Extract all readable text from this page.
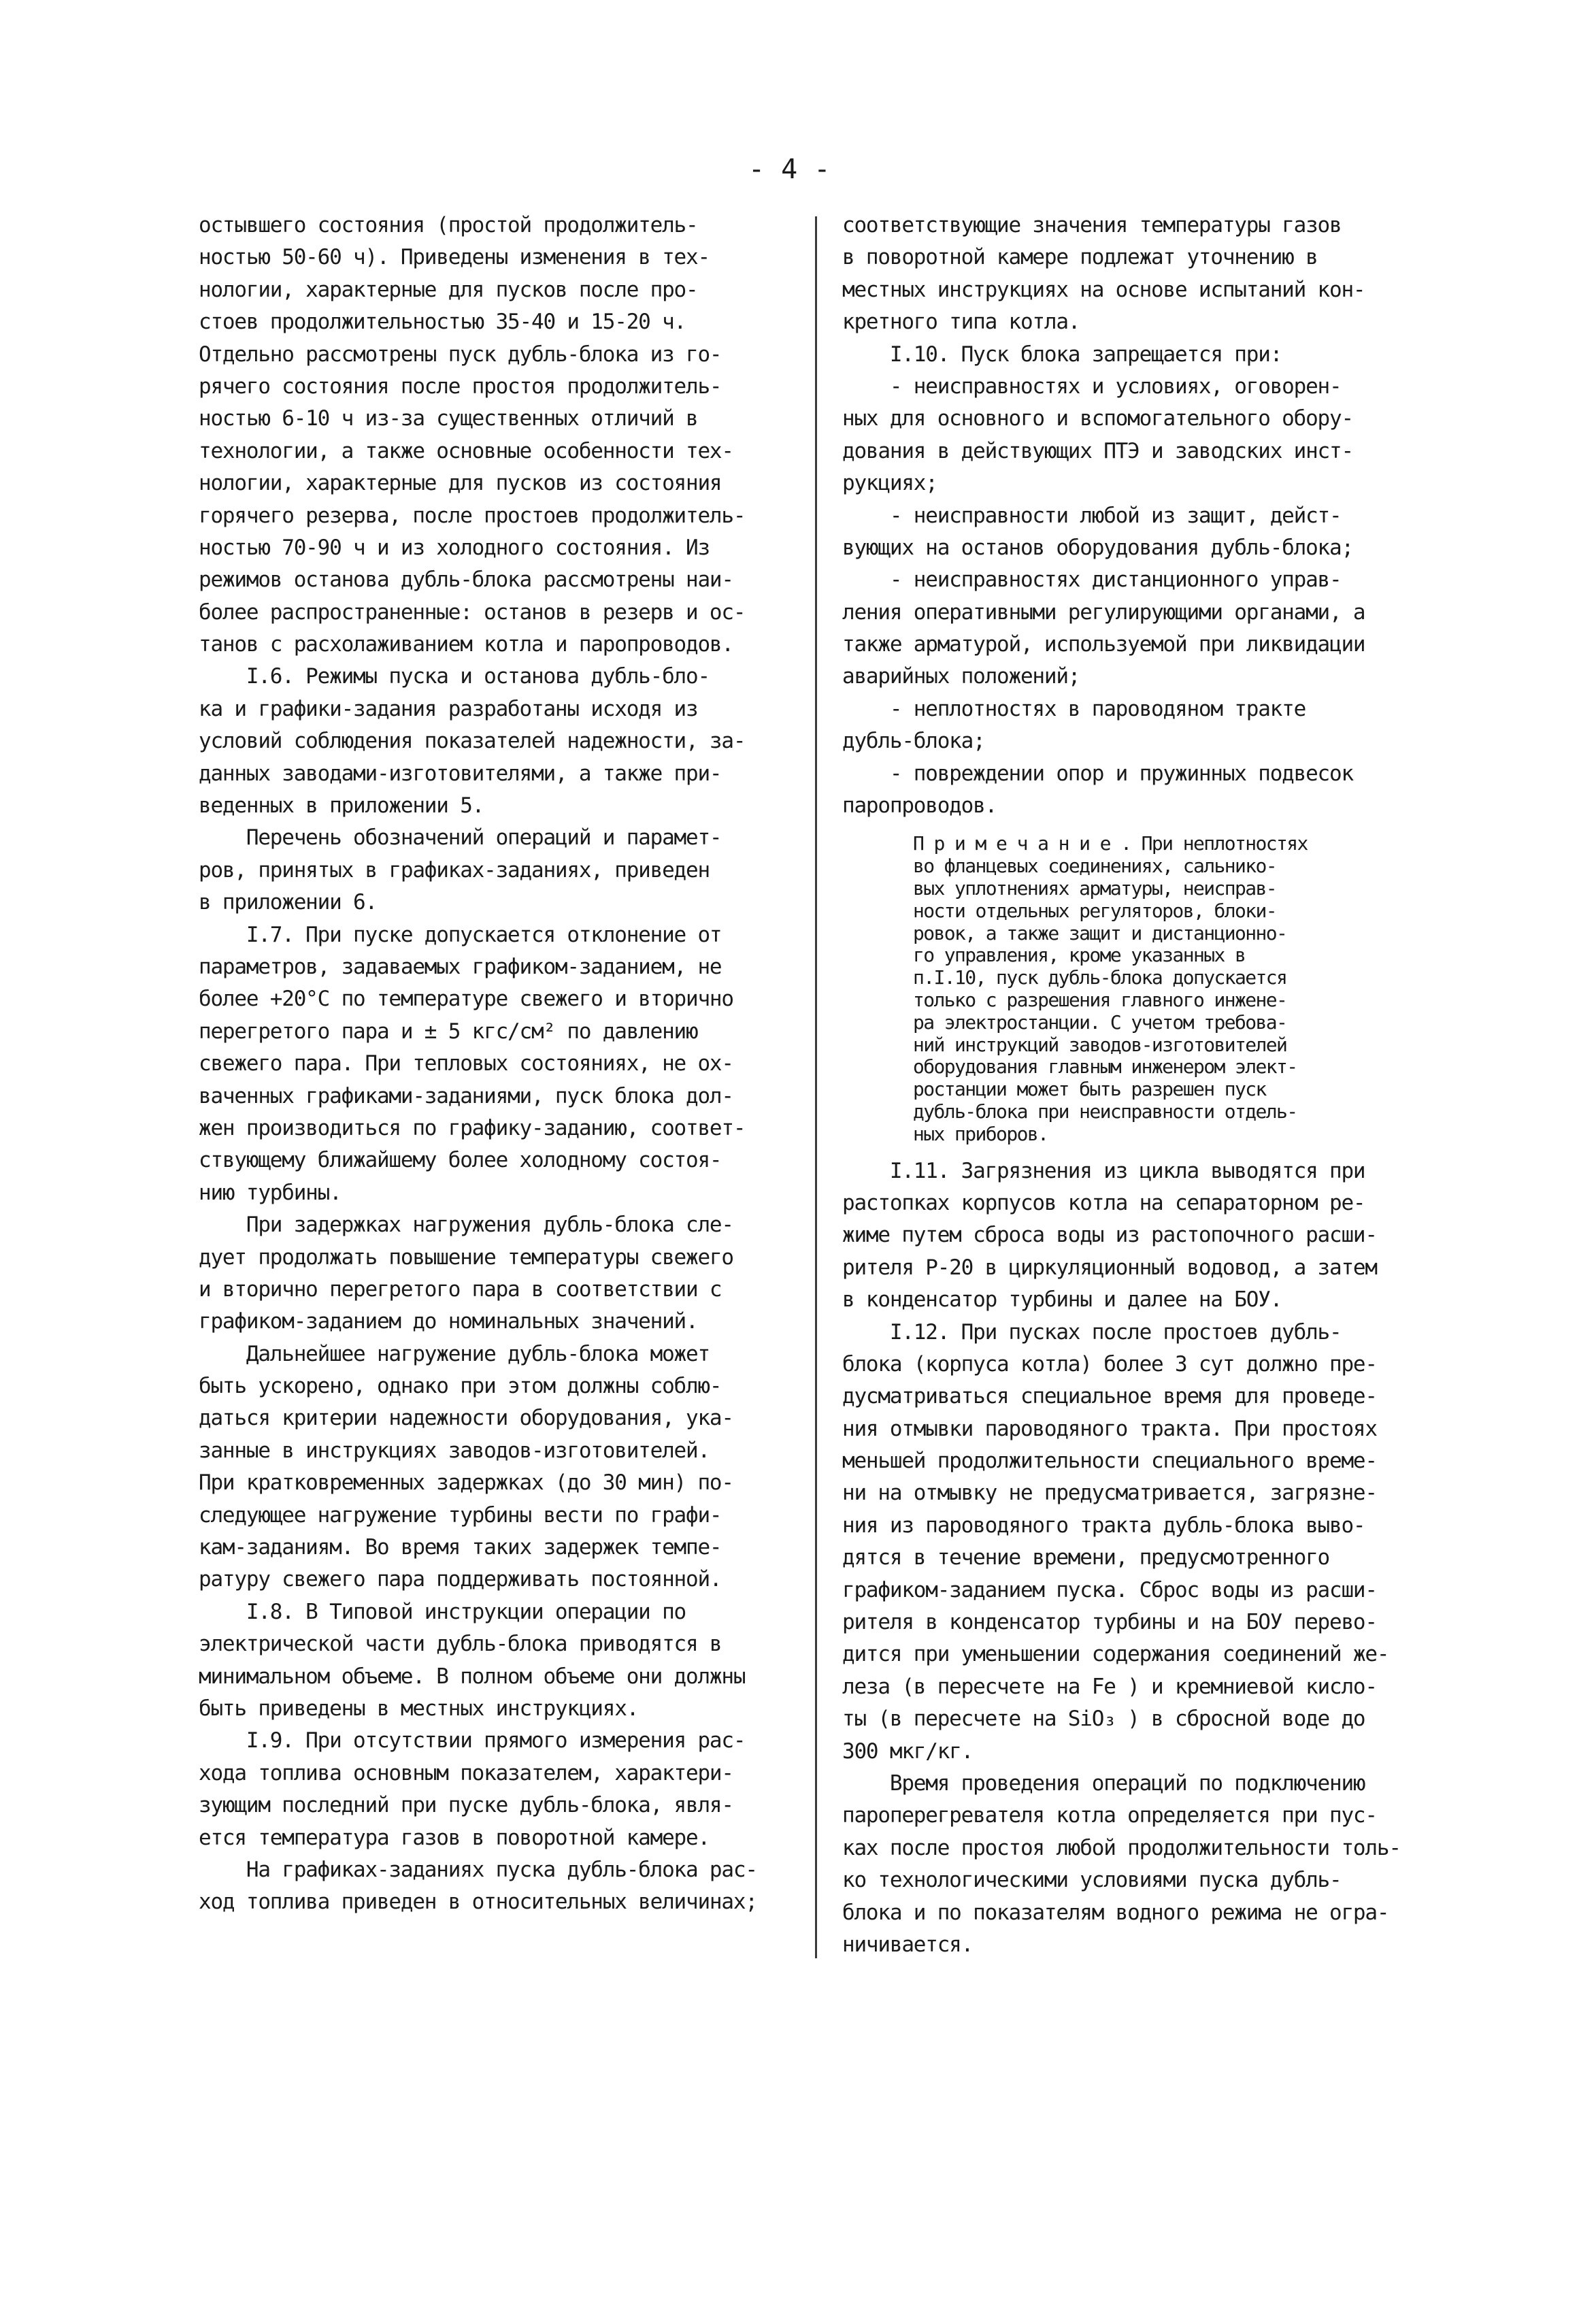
- 4 -
остывшего состояния (простой продолжитель-
ностью 50-60 ч). Приведены изменения в тех-
нологии, характерные для пусков после про-
стоев продолжительностью 35-40 и 15-20 ч.
Отдельно рассмотрены пуск дубль-блока из го-
рячего состояния после простоя продолжитель-
ностью 6-10 ч из-за существенных отличий в
технологии, а также основные особенности тех-
нологии, характерные для пусков из состояния
горячего резерва, после простоев продолжитель-
ностью 70-90 ч и из холодного состояния. Из
режимов останова дубль-блока рассмотрены наи-
более распространенные: останов в резерв и ос-
танов с расхолаживанием котла и паропроводов.
I.6. Режимы пуска и останова дубль-бло-
ка и графики-задания разработаны исходя из
условий соблюдения показателей надежности, за-
данных заводами-изготовителями, а также при-
веденных в приложении 5.
Перечень обозначений операций и парамет-
ров, принятых в графиках-заданиях, приведен
в приложении 6.
I.7. При пуске допускается отклонение от
параметров, задаваемых графиком-заданием, не
более +20°С по температуре свежего и вторично
перегретого пара и ± 5 кгс/см² по давлению
свежего пара. При тепловых состояниях, не ох-
ваченных графиками-заданиями, пуск блока дол-
жен производиться по графику-заданию, соответ-
ствующему ближайшему более холодному состоя-
нию турбины.
При задержках нагружения дубль-блока сле-
дует продолжать повышение температуры свежего
и вторично перегретого пара в соответствии с
графиком-заданием до номинальных значений.
Дальнейшее нагружение дубль-блока может
быть ускорено, однако при этом должны соблю-
даться критерии надежности оборудования, ука-
занные в инструкциях заводов-изготовителей.
При кратковременных задержках (до 30 мин) по-
следующее нагружение турбины вести по графи-
кам-заданиям. Во время таких задержек темпе-
ратуру свежего пара поддерживать постоянной.
I.8. В Типовой инструкции операции по
электрической части дубль-блока приводятся в
минимальном объеме. В полном объеме они должны
быть приведены в местных инструкциях.
I.9. При отсутствии прямого измерения рас-
хода топлива основным показателем, характери-
зующим последний при пуске дубль-блока, явля-
ется температура газов в поворотной камере.
На графиках-заданиях пуска дубль-блока рас-
ход топлива приведен в относительных величинах;
соответствующие значения температуры газов
в поворотной камере подлежат уточнению в
местных инструкциях на основе испытаний кон-
кретного типа котла.
I.10. Пуск блока запрещается при:
- неисправностях и условиях, оговорен-
ных для основного и вспомогательного обору-
дования в действующих ПТЭ и заводских инст-
рукциях;
- неисправности любой из защит, дейст-
вующих на останов оборудования дубль-блока;
- неисправностях дистанционного управ-
ления оперативными регулирующими органами, а
также арматурой, используемой при ликвидации
аварийных положений;
- неплотностях в пароводяном тракте
дубль-блока;
- повреждении опор и пружинных подвесок
паропроводов.
П р и м е ч а н и е . При неплотностях
во фланцевых соединениях, сальнико-
вых уплотнениях арматуры, неисправ-
ности отдельных регуляторов, блоки-
ровок, а также защит и дистанционно-
го управления, кроме указанных в
п.I.10, пуск дубль-блока допускается
только с разрешения главного инжене-
ра электростанции. С учетом требова-
ний инструкций заводов-изготовителей
оборудования главным инженером элект-
ростанции может быть разрешен пуск
дубль-блока при неисправности отдель-
ных приборов.
I.11. Загрязнения из цикла выводятся при
растопках корпусов котла на сепараторном ре-
жиме путем сброса воды из растопочного расши-
рителя Р-20 в циркуляционный водовод, а затем
в конденсатор турбины и далее на БОУ.
I.12. При пусках после простоев дубль-
блока (корпуса котла) более 3 сут должно пре-
дусматриваться специальное время для проведе-
ния отмывки пароводяного тракта. При простоях
меньшей продолжительности специального време-
ни на отмывку не предусматривается, загрязне-
ния из пароводяного тракта дубль-блока выво-
дятся в течение времени, предусмотренного
графиком-заданием пуска. Сброс воды из расши-
рителя в конденсатор турбины и на БОУ перево-
дится при уменьшении содержания соединений же-
леза (в пересчете на Fe ) и кремниевой кисло-
ты (в пересчете на SiO₃ ) в сбросной воде до
300 мкг/кг.
Время проведения операций по подключению
пароперегревателя котла определяется при пус-
ках после простоя любой продолжительности толь-
ко технологическими условиями пуска дубль-
блока и по показателям водного режима не огра-
ничивается.
